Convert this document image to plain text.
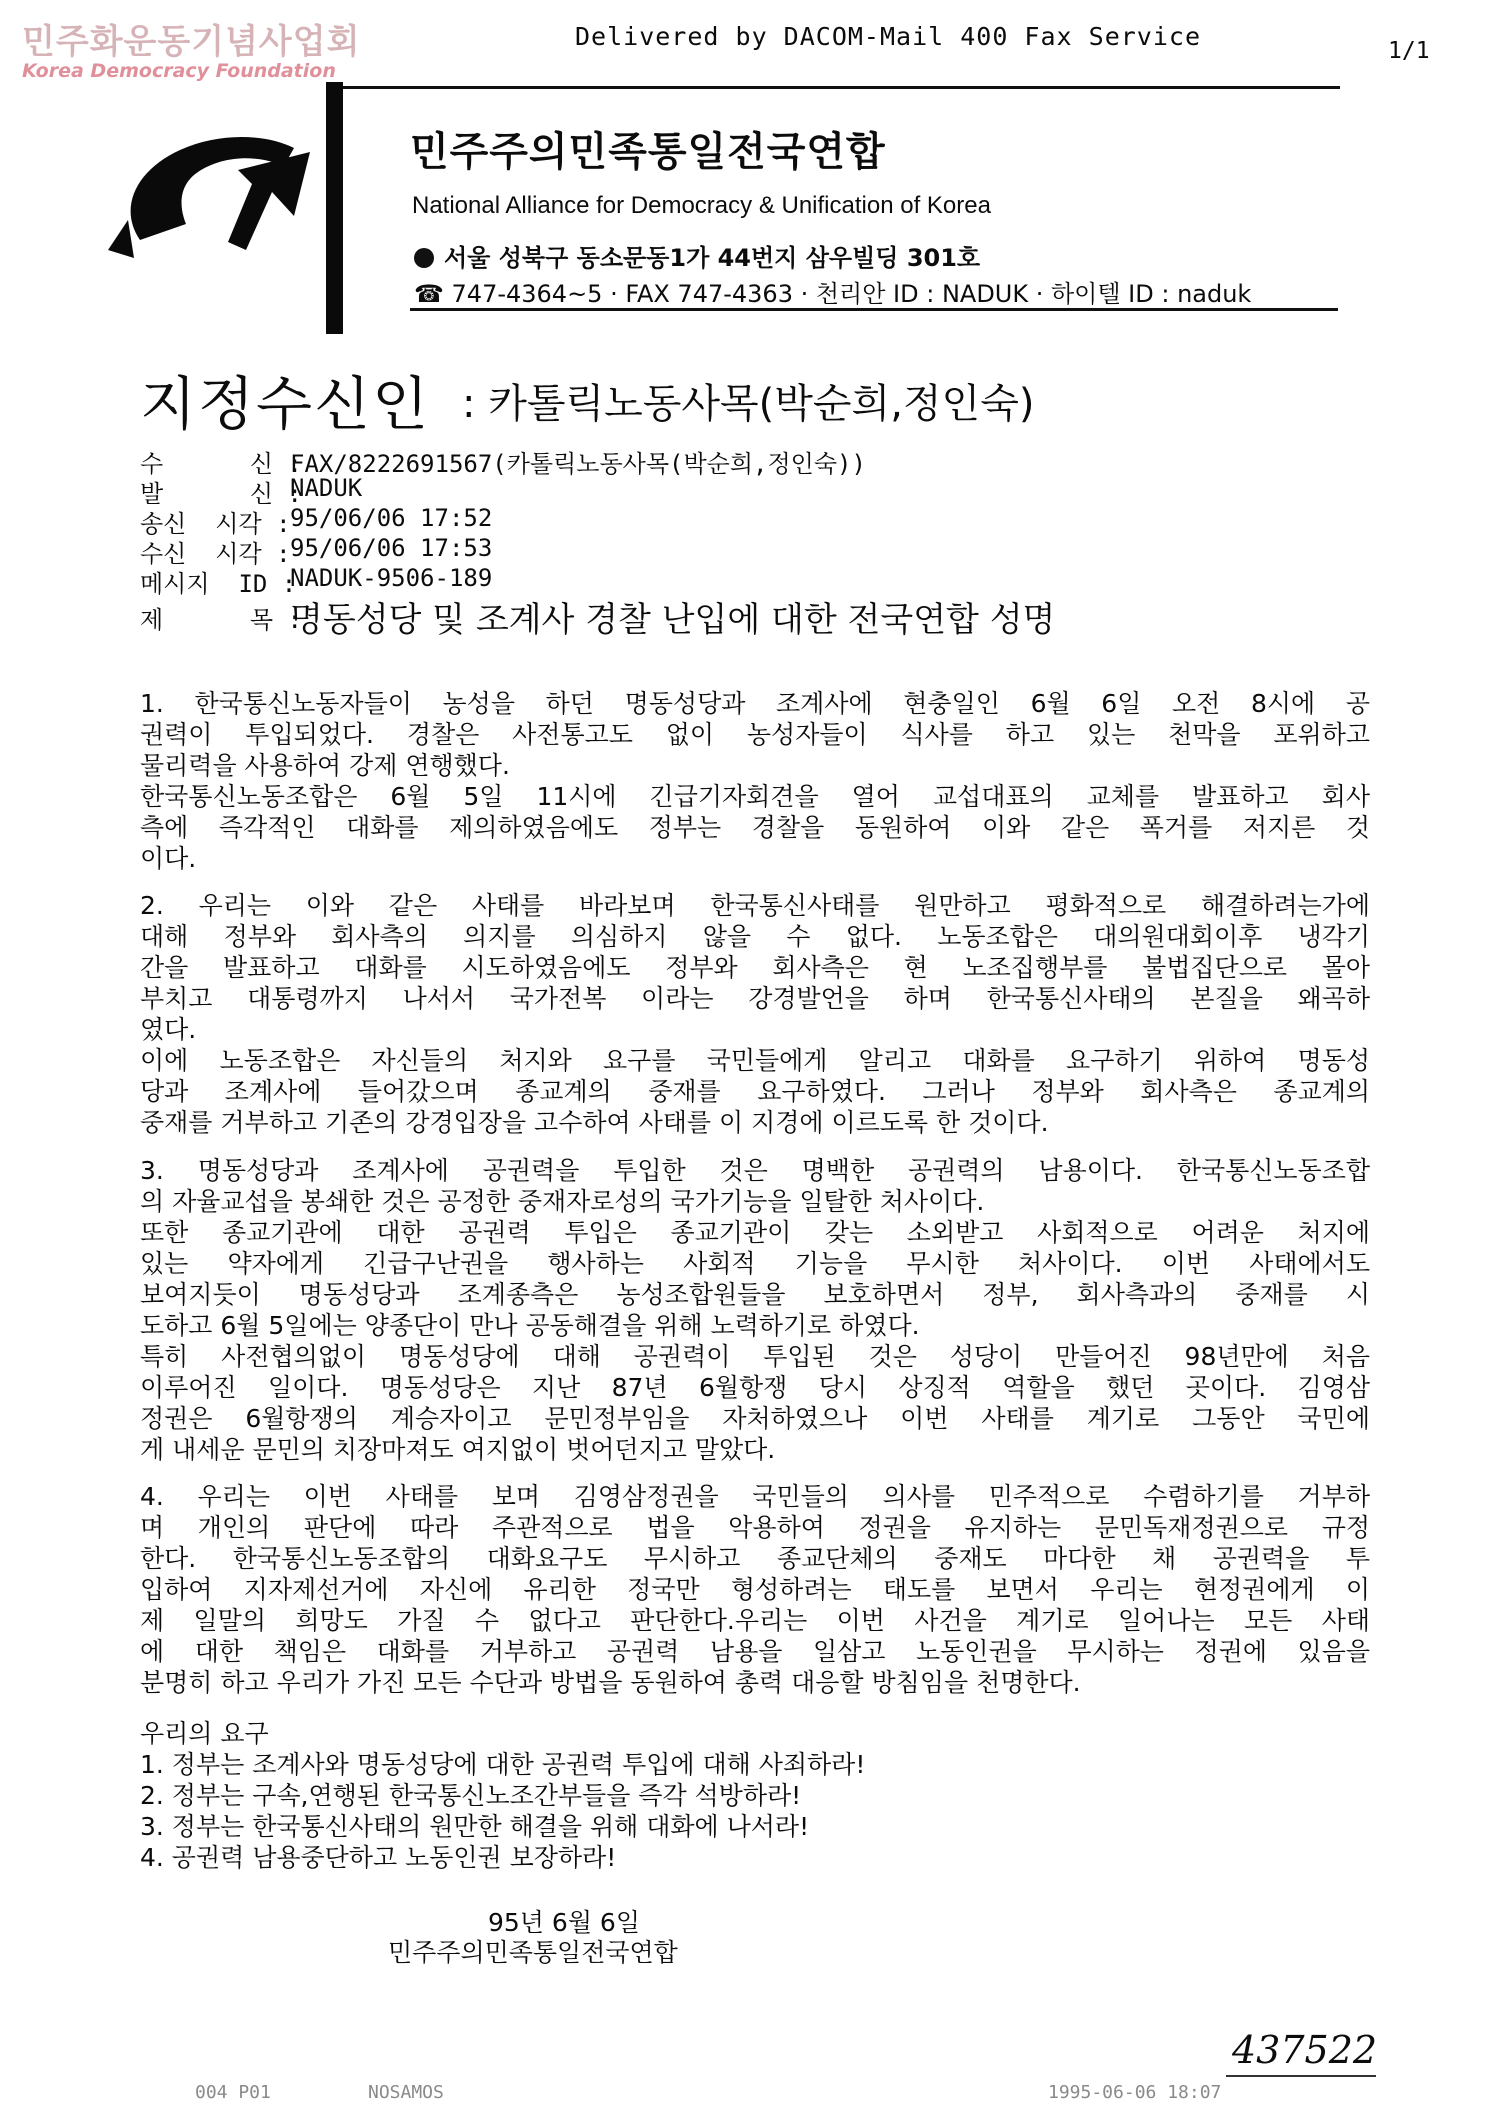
민주화운동기념사업회
Korea Democracy Foundation
Delivered by DACOM-Mail 400 Fax Service	1/1
민주주의민족통일전국연합
National Alliance for Democracy & Unification of Korea
서울 성북구 동소문동1가 44번지 삼우빌딩 301호
☎ 747-4364~5 · FAX 747-4363 · 천리안 ID : NADUK · 하이텔 ID : naduk
지정수신인 : 카톨릭노동사목(박순희,정인숙)
수      신 :
FAX/8222691567(카톨릭노동사목(박순희,정인숙))
발      신 :
NADUK
송신  시각 : 95/06/06 17:52
수신  시각 : 95/06/06 17:53
메시지  ID :
NADUK-9506-189
제      목 :
명동성당 및 조계사 경찰 난입에 대한 전국연합 성명
1. 한국통신노동자들이 농성을 하던 명동성당과 조계사에 현충일인 6월 6일 오전 8시에 공
권력이 투입되었다. 경찰은 사전통고도 없이 농성자들이 식사를 하고 있는 천막을 포위하고
물리력을 사용하여 강제 연행했다.
한국통신노동조합은 6월 5일 11시에 긴급기자회견을 열어 교섭대표의 교체를 발표하고 회사
측에 즉각적인 대화를 제의하였음에도 정부는 경찰을 동원하여 이와 같은 폭거를 저지른 것
이다.
2. 우리는 이와 같은 사태를 바라보며 한국통신사태를 원만하고 평화적으로 해결하려는가에
대해 정부와 회사측의 의지를 의심하지 않을 수 없다. 노동조합은 대의원대회이후 냉각기
간을 발표하고 대화를 시도하였음에도 정부와 회사측은 현 노조집행부를 불법집단으로 몰아
부치고 대통령까지 나서서 국가전복 이라는 강경발언을 하며 한국통신사태의 본질을 왜곡하
였다.
이에 노동조합은 자신들의 처지와 요구를 국민들에게 알리고 대화를 요구하기 위하여 명동성
당과 조계사에 들어갔으며 종교계의 중재를 요구하였다. 그러나 정부와 회사측은 종교계의
중재를 거부하고 기존의 강경입장을 고수하여 사태를 이 지경에 이르도록 한 것이다.
3. 명동성당과 조계사에 공권력을 투입한 것은 명백한 공권력의 남용이다. 한국통신노동조합
의 자율교섭을 봉쇄한 것은 공정한 중재자로성의 국가기능을 일탈한 처사이다.
또한 종교기관에 대한 공권력 투입은 종교기관이 갖는 소외받고 사회적으로 어려운 처지에
있는 약자에게 긴급구난권을 행사하는 사회적 기능을 무시한 처사이다. 이번 사태에서도
보여지듯이 명동성당과 조계종측은 농성조합원들을 보호하면서 정부, 회사측과의 중재를 시
도하고 6월 5일에는 양종단이 만나 공동해결을 위해 노력하기로 하였다.
특히 사전협의없이 명동성당에 대해 공권력이 투입된 것은 성당이 만들어진 98년만에 처음
이루어진 일이다. 명동성당은 지난 87년 6월항쟁 당시 상징적 역할을 했던 곳이다. 김영삼
정권은 6월항쟁의 계승자이고 문민정부임을 자처하였으나 이번 사태를 계기로 그동안 국민에
게 내세운 문민의 치장마져도 여지없이 벗어던지고 말았다.
4. 우리는 이번 사태를 보며 김영삼정권을 국민들의 의사를 민주적으로 수렴하기를 거부하
며 개인의 판단에 따라 주관적으로 법을 악용하여 정권을 유지하는 문민독재정권으로 규정
한다. 한국통신노동조합의 대화요구도 무시하고 종교단체의 중재도 마다한 채 공권력을 투
입하여 지자제선거에 자신에 유리한 정국만 형성하려는 태도를 보면서 우리는 현정권에게 이
제 일말의 희망도 가질 수 없다고 판단한다.우리는 이번 사건을 계기로 일어나는 모든 사태
에 대한 책임은 대화를 거부하고 공권력 남용을 일삼고 노동인권을 무시하는 정권에 있음을
분명히 하고 우리가 가진 모든 수단과 방법을 동원하여 총력 대응할 방침임을 천명한다.
우리의 요구
1. 정부는 조계사와 명동성당에 대한 공권력 투입에 대해 사죄하라!
2. 정부는 구속,연행된 한국통신노조간부들을 즉각 석방하라!
3. 정부는 한국통신사태의 원만한 해결을 위해 대화에 나서라!
4. 공권력 남용중단하고 노동인권 보장하라!
95년 6월 6일
민주주의민족통일전국연합
437522
004 P01	NOSAMOS	1995-06-06 18:07
